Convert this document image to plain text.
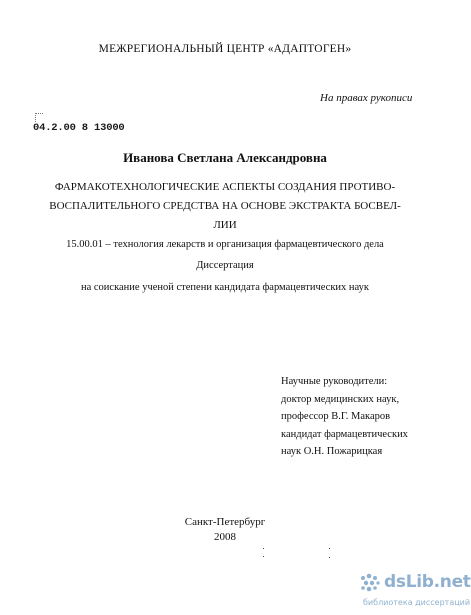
МЕЖРЕГИОНАЛЬНЫЙ ЦЕНТР «АДАПТОГЕН»
На правах рукописи
04.2.00 8 13000
Иванова Светлана Александровна
ФАРМАКОТЕХНОЛОГИЧЕСКИЕ АСПЕКТЫ СОЗДАНИЯ ПРОТИВО-
ВОСПАЛИТЕЛЬНОГО СРЕДСТВА НА ОСНОВЕ ЭКСТРАКТА БОСВЕЛ-
ЛИИ
15.00.01 – технология лекарств и организация фармацевтического дела
Диссертация
на соискание ученой степени кандидата фармацевтических наук
Научные руководители:
доктор медицинских наук,
профессор В.Г. Макаров
кандидат фармацевтических
наук О.Н. Пожарицкая
Санкт-Петербург
2008
dsLib.net
библиотека диссертаций
